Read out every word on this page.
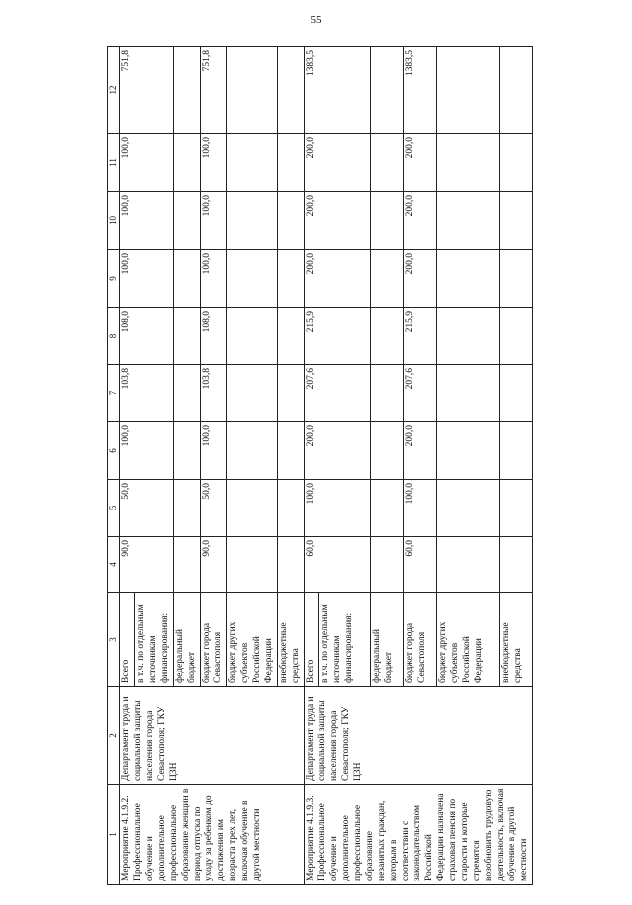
55
1	2	3	4	5	6	7	8	9	10	11	12
Мероприятие 4.1.9.2. Профессиональное обучение и дополнительное профессиональное образование женщин в период отпуска по уходу за ребенком до достижения им возраста трех лет, включая обучение в другой местности	Департамент труда и социальной защиты населения города Севастополя; ГКУ ЦЗН	Всего в т.ч. по отдельным источникам финансирования:	90,0	50,0	100,0	103,8	108,0	100,0	100,0	100,0	751,8
		федеральный бюджет									
		бюджет города Севастополя	90,0	50,0	100,0	103,8	108,0	100,0	100,0	100,0	751,8
		бюджет других субъектов Российской Федерации									
		внебюджетные средства									
Мероприятие 4.1.9.3. Профессиональное обучение и дополнительное профессиональное образование незанятых граждан, которым в соответствии с законодательством Российской Федерации назначена страховая пенсия по старости и которые стремятся возобновить трудовую деятельность, включая обучение в другой местности	Департамент труда и социальной защиты населения города Севастополя; ГКУ ЦЗН	Всего в т.ч. по отдельным источникам финансирования:	60,0	100,0	200,0	207,6	215,9	200,0	200,0	200,0	1383,5
		федеральный бюджет									
		бюджет города Севастополя	60,0	100,0	200,0	207,6	215,9	200,0	200,0	200,0	1383,5
		бюджет других субъектов Российской Федерации									
		внебюджетные средства									
